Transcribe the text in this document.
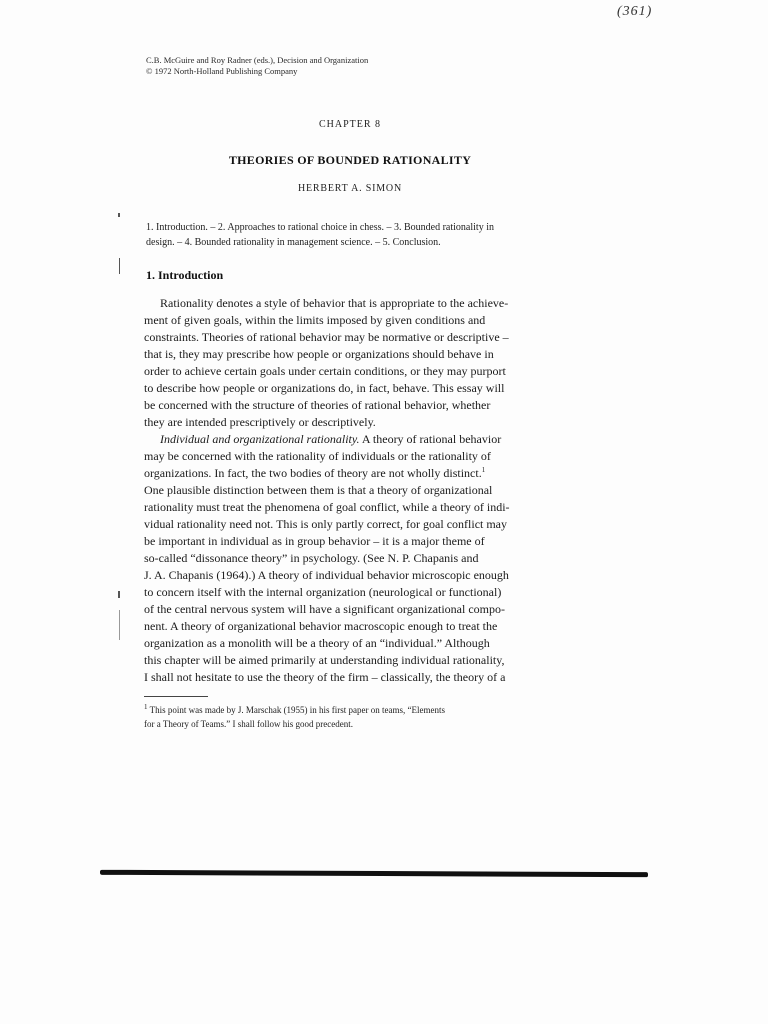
(361)
C.B. McGuire and Roy Radner (eds.), Decision and Organization
© 1972 North-Holland Publishing Company
CHAPTER 8
THEORIES OF BOUNDED RATIONALITY
HERBERT A. SIMON
1. Introduction. – 2. Approaches to rational choice in chess. – 3. Bounded rationality in
design. – 4. Bounded rationality in management science. – 5. Conclusion.
1. Introduction
Rationality denotes a style of behavior that is appropriate to the achieve-
ment of given goals, within the limits imposed by given conditions and
constraints. Theories of rational behavior may be normative or descriptive –
that is, they may prescribe how people or organizations should behave in
order to achieve certain goals under certain conditions, or they may purport
to describe how people or organizations do, in fact, behave. This essay will
be concerned with the structure of theories of rational behavior, whether
they are intended prescriptively or descriptively.
Individual and organizational rationality. A theory of rational behavior
may be concerned with the rationality of individuals or the rationality of
organizations. In fact, the two bodies of theory are not wholly distinct.$^1$
One plausible distinction between them is that a theory of organizational
rationality must treat the phenomena of goal conflict, while a theory of indi-
vidual rationality need not. This is only partly correct, for goal conflict may
be important in individual as in group behavior – it is a major theme of
so-called “dissonance theory” in psychology. (See N. P. Chapanis and
J. A. Chapanis (1964).) A theory of individual behavior microscopic enough
to concern itself with the internal organization (neurological or functional)
of the central nervous system will have a significant organizational compo-
nent. A theory of organizational behavior macroscopic enough to treat the
organization as a monolith will be a theory of an “individual.” Although
this chapter will be aimed primarily at understanding individual rationality,
I shall not hesitate to use the theory of the firm – classically, the theory of a
$^1$ This point was made by J. Marschak (1955) in his first paper on teams, “Elements
for a Theory of Teams.” I shall follow his good precedent.
